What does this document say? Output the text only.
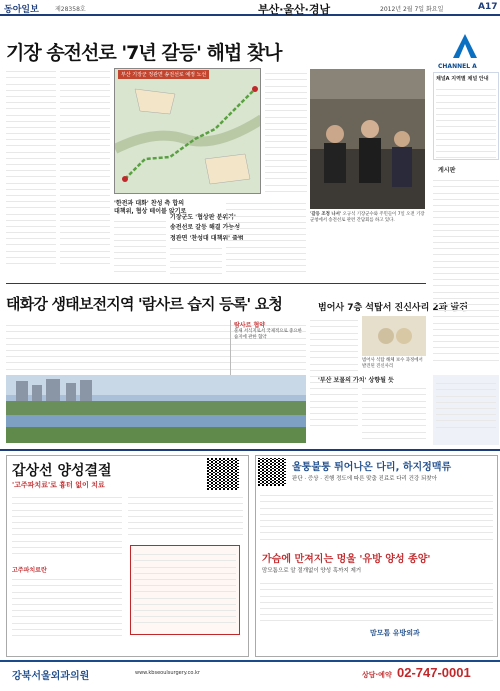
동아일보	제28358호	부산·울산·경남	2012년 2월 7일 화요일	A17
기장 송전선로 '7년 갈등' 해법 찾나
부산 기장군 정관면 송전선로 예정 노선
'한전과 대화' 찬성 측 합의
대책위, 협상 테이블 앉기로
기장군도 '협상판 분위기'
송전선로 갈등 해결 가능성
정관면 '찬성대 대책위' 출범
'갈등 조정 나서' 오규석 기장군수와 주민들이 7일 오전 기장군청에서 송전선로 관련 간담회를 하고 있다.
태화강 생태보전지역 '람사르 습지 등록' 요청
람사르 협약
물새 서식지로서 국제적으로 중요한 습지에 관한 협약
범어사 7층 석탑서 진신사리 2과 발견
범어사 석탑 해체 보수 과정에서 발견된 진신사리
'부산 보물의 가치' 상향될 듯
CHANNEL A
채널A 지역별 채널 안내
게시판
갑상선 양성결절
'고주파치료'로 흉터 없이 치료
고주파치료란
울퉁불퉁 튀어나온 다리, 하지정맥류
판단 · 증상 · 진행 정도에 따른 맞춤 진료로 다리 건강 되찾아
가슴에 만져지는 멍울 '유방 양성 종양'
맘모톰으로 알 절개없이 양성 혹까지 제거
맘모톰 유방외과
강북서울외과의원	www.kbseoulsurgery.co.kr	상담·예약 02-747-0001
